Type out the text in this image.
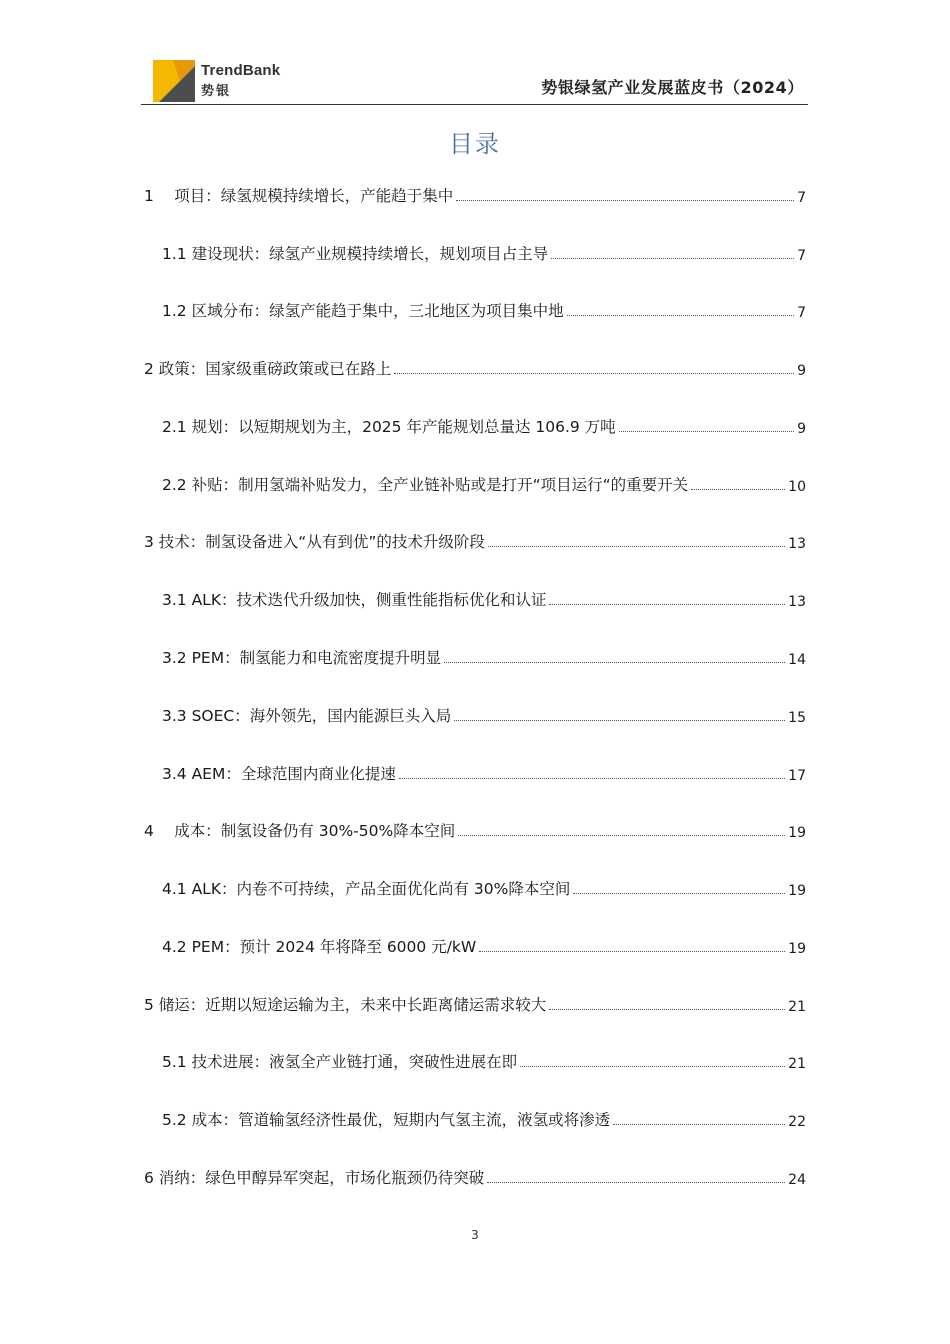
TrendBank
势银	势银绿氢产业发展蓝皮书（2024）
目录
1　 项目：绿氢规模持续增长，产能趋于集中	7
1.1 建设现状：绿氢产业规模持续增长，规划项目占主导	7
1.2 区域分布：绿氢产能趋于集中，三北地区为项目集中地	7
2 政策：国家级重磅政策或已在路上	9
2.1 规划：以短期规划为主，2025 年产能规划总量达 106.9 万吨	9
2.2 补贴：制用氢端补贴发力，全产业链补贴或是打开“项目运行“的重要开关	10
3 技术：制氢设备进入“从有到优”的技术升级阶段	13
3.1 ALK：技术迭代升级加快，侧重性能指标优化和认证	13
3.2 PEM：制氢能力和电流密度提升明显	14
3.3 SOEC：海外领先，国内能源巨头入局	15
3.4 AEM：全球范围内商业化提速	17
4　 成本：制氢设备仍有 30%-50%降本空间	19
4.1 ALK：内卷不可持续，产品全面优化尚有 30%降本空间	19
4.2 PEM：预计 2024 年将降至 6000 元/kW	19
5 储运：近期以短途运输为主，未来中长距离储运需求较大	21
5.1 技术进展：液氢全产业链打通，突破性进展在即	21
5.2 成本：管道输氢经济性最优，短期内气氢主流，液氢或将渗透	22
6 消纳：绿色甲醇异军突起，市场化瓶颈仍待突破	24
3
